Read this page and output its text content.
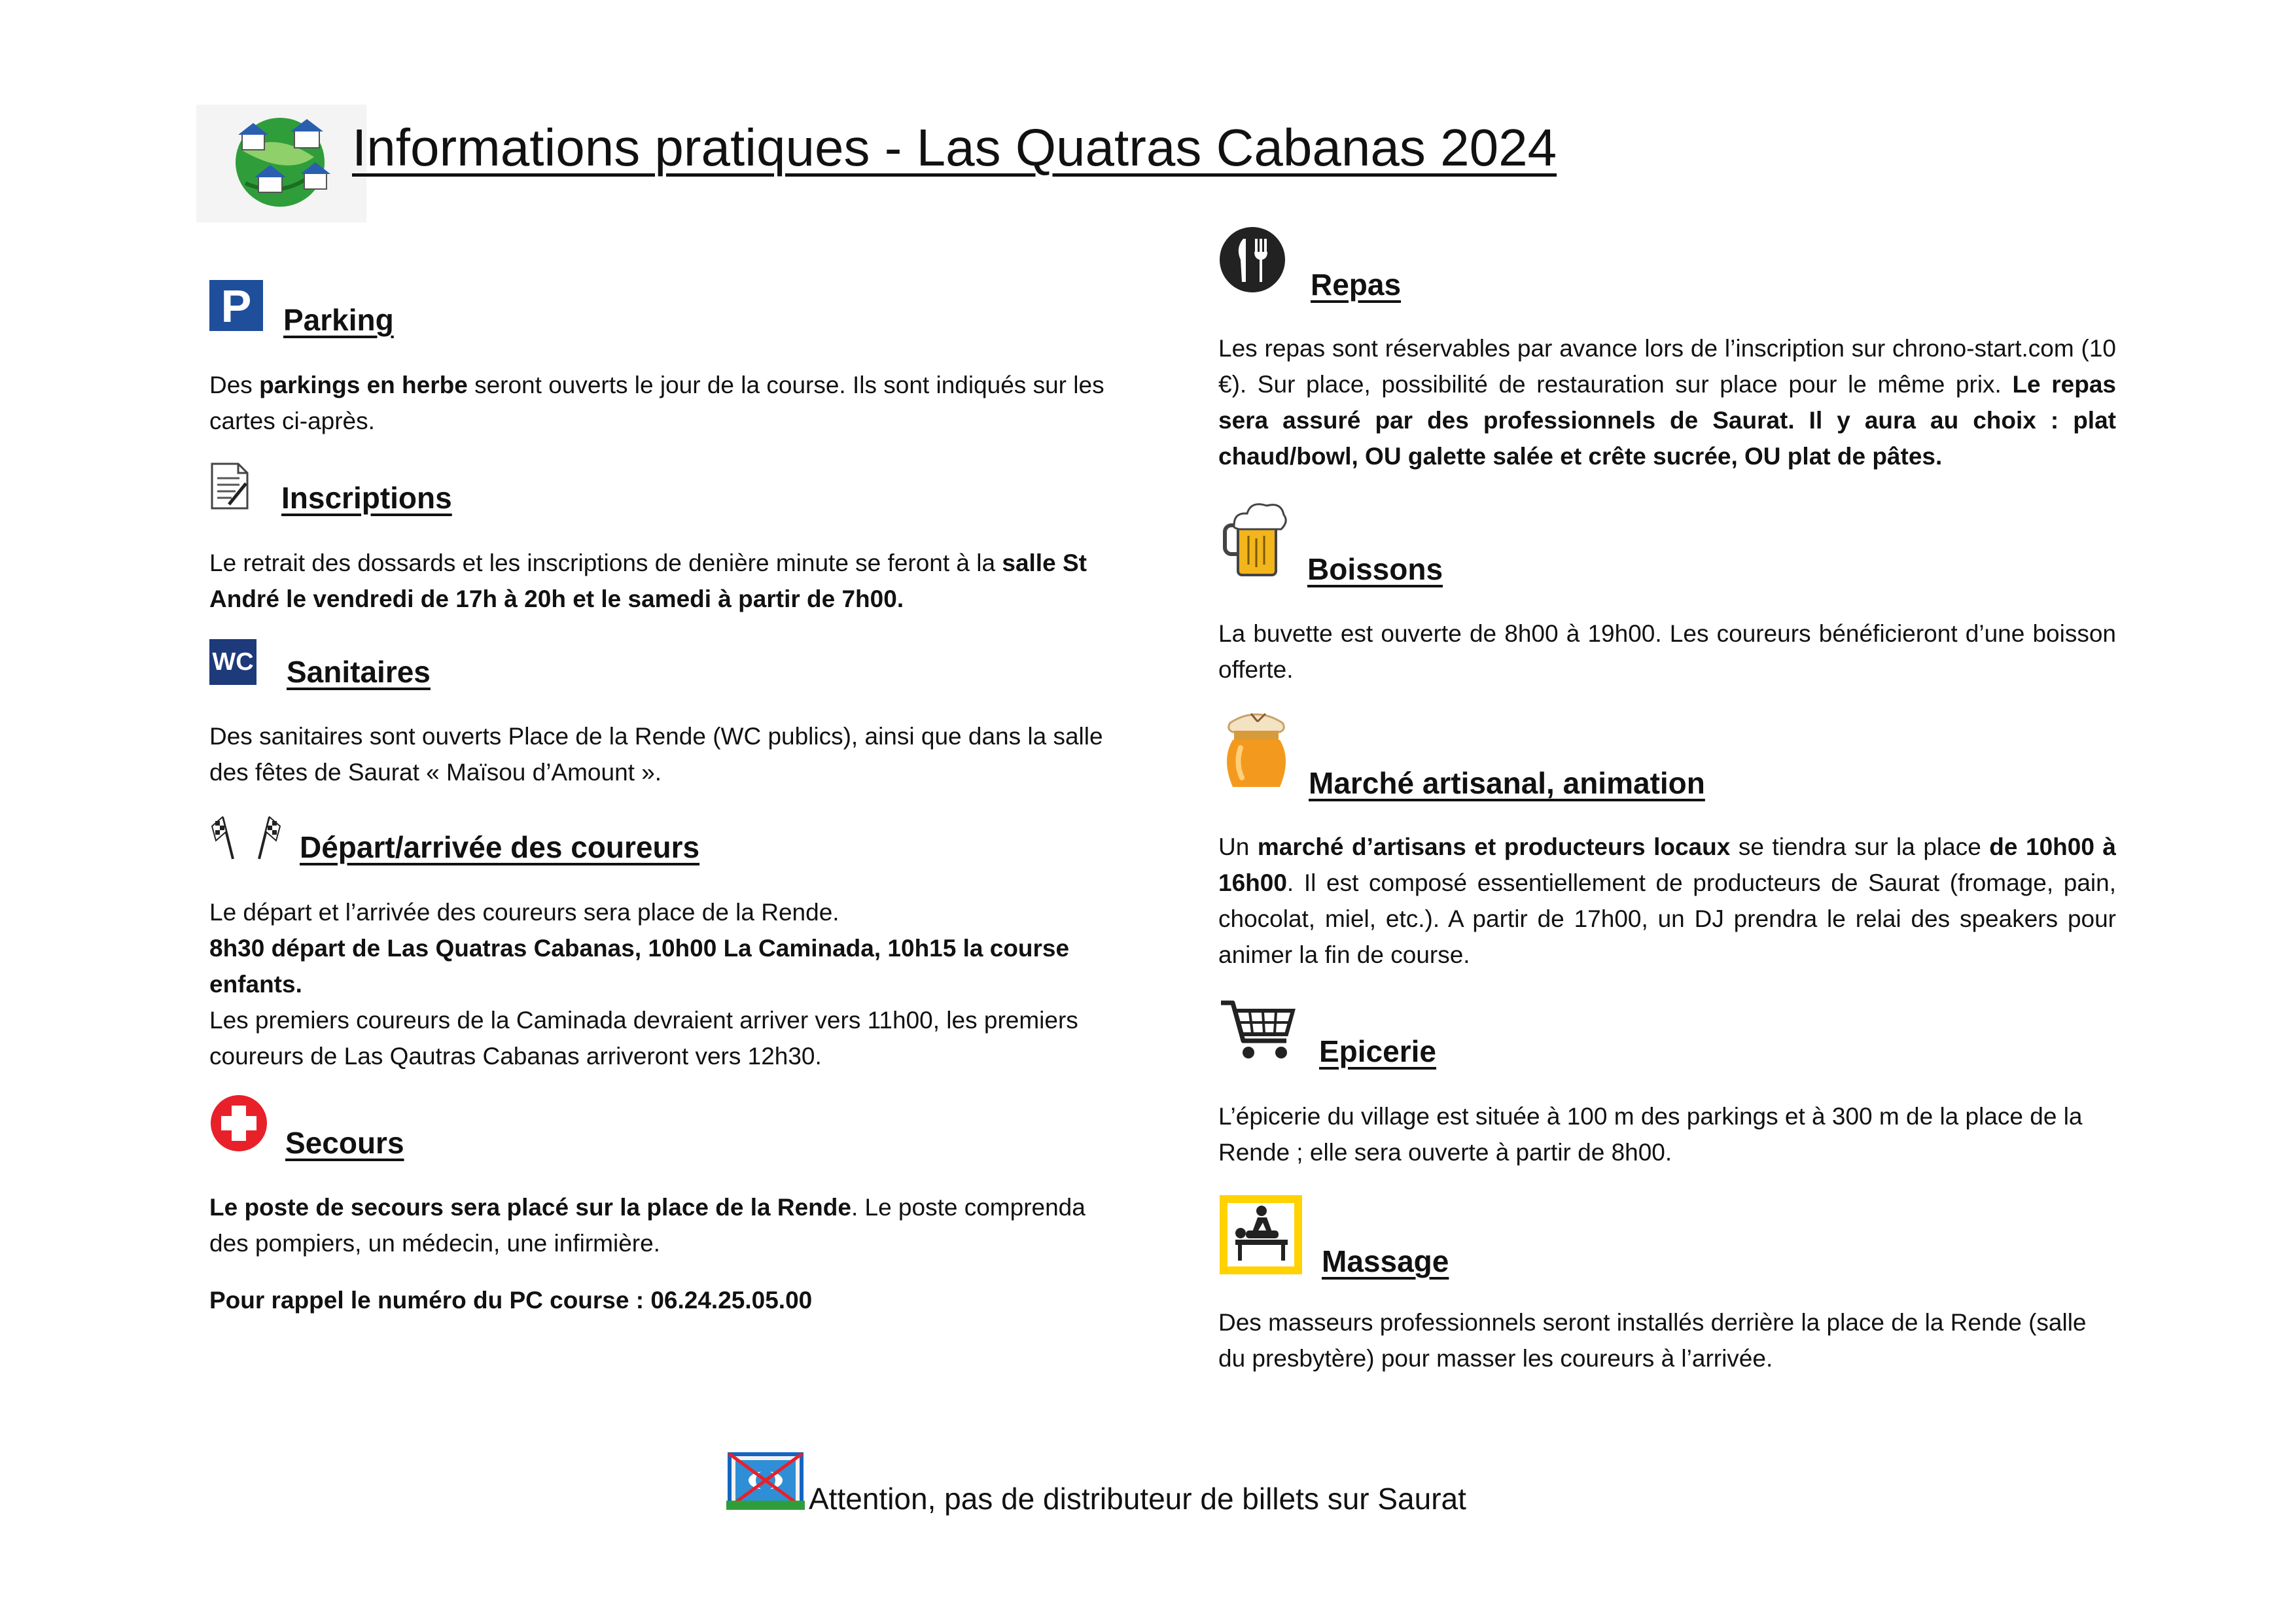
Informations pratiques - Las Quatras Cabanas 2024
P Parking
Des parkings en herbe seront ouverts le jour de la course. Ils sont indiqués sur les cartes ci-après.
Inscriptions
Le retrait des dossards et les inscriptions de denière minute se feront à la salle St André le vendredi de 17h à 20h et le samedi à partir de 7h00.
WC Sanitaires
Des sanitaires sont ouverts Place de la Rende (WC publics), ainsi que dans la salle des fêtes de Saurat « Maïsou d’Amount ».
Départ/arrivée des coureurs
Le départ et l’arrivée des coureurs sera place de la Rende.
8h30 départ de Las Quatras Cabanas, 10h00 La Caminada, 10h15 la course enfants.
Les premiers coureurs de la Caminada devraient arriver vers 11h00, les premiers coureurs de Las Qautras Cabanas arriveront vers 12h30.
Secours
Le poste de secours sera placé sur la place de la Rende. Le poste comprenda des pompiers, un médecin, une infirmière.
Pour rappel le numéro du PC course : 06.24.25.05.00
Repas
Les repas sont réservables par avance lors de l’inscription sur chrono-start.com (10 €). Sur place, possibilité de restauration sur place pour le même prix. Le repas sera assuré par des professionnels de Saurat. Il y aura au choix : plat chaud/bowl, OU galette salée et crête sucrée, OU plat de pâtes.
Boissons
La buvette est ouverte de 8h00 à 19h00. Les coureurs bénéficieront d’une boisson offerte.
Marché artisanal, animation
Un marché d’artisans et producteurs locaux se tiendra sur la place de 10h00 à 16h00. Il est composé essentiellement de producteurs de Saurat (fromage, pain, chocolat, miel, etc.). A partir de 17h00, un DJ prendra le relai des speakers pour animer la fin de course.
Epicerie
L’épicerie du village est située à 100 m des parkings et à 300 m de la place de la Rende ; elle sera ouverte à partir de 8h00.
Massage
Des masseurs professionnels seront installés derrière la place de la Rende (salle du presbytère) pour masser les coureurs à l’arrivée.
Attention, pas de distributeur de billets sur Saurat
